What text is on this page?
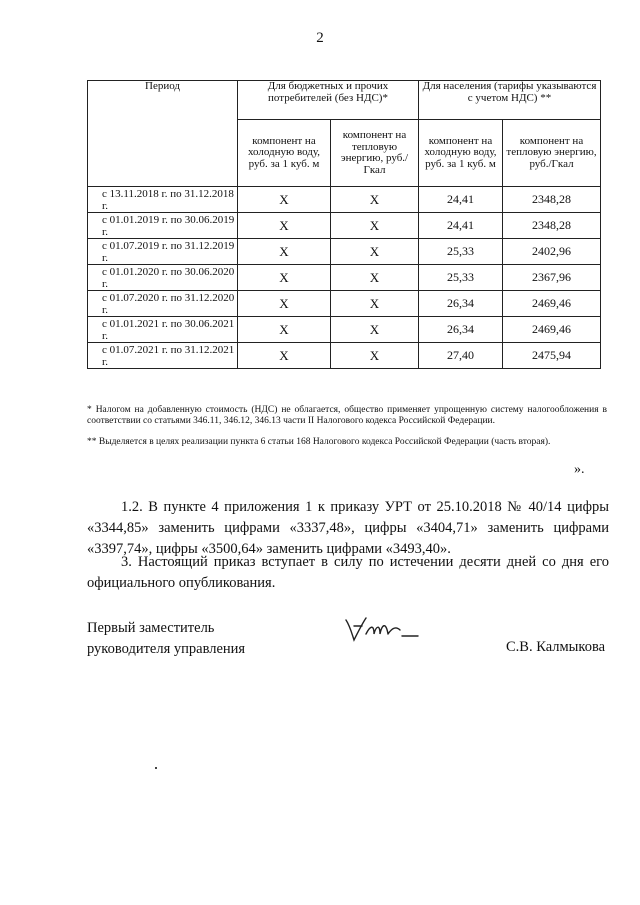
2
Период	Для бюджетных и прочих потребителей (без НДС)*		Для населения (тарифы указываются с учетом НДС) **	
	компонент на холодную воду, руб. за 1 куб. м	компонент на тепловую энергию, руб./Гкал	компонент на холодную воду, руб. за 1 куб. м	компонент на тепловую энергию, руб./Гкал
с 13.11.2018 г. по 31.12.2018 г.	X	X	24,41	2348,28
с 01.01.2019 г. по 30.06.2019 г.	X	X	24,41	2348,28
с 01.07.2019 г. по 31.12.2019 г.	X	X	25,33	2402,96
с 01.01.2020 г. по 30.06.2020 г.	X	X	25,33	2367,96
с 01.07.2020 г. по 31.12.2020 г.	X	X	26,34	2469,46
с 01.01.2021 г. по 30.06.2021 г.	X	X	26,34	2469,46
с 01.07.2021 г. по 31.12.2021 г.	X	X	27,40	2475,94
* Налогом на добавленную стоимость (НДС) не облагается, общество применяет упрощенную систему налогообложения в соответствии со статьями 346.11, 346.12, 346.13 части II Налогового кодекса Российской Федерации.
** Выделяется в целях реализации пункта 6 статьи 168 Налогового кодекса Российской Федерации (часть вторая).
».
1.2. В пункте 4 приложения 1 к приказу УРТ от 25.10.2018 № 40/14 цифры «3344,85» заменить цифрами «3337,48», цифры «3404,71» заменить цифрами «3397,74», цифры «3500,64» заменить цифрами «3493,40».
3. Настоящий приказ вступает в силу по истечении десяти дней со дня его официального опубликования.
Первый заместитель
руководителя управления	С.В. Калмыкова
